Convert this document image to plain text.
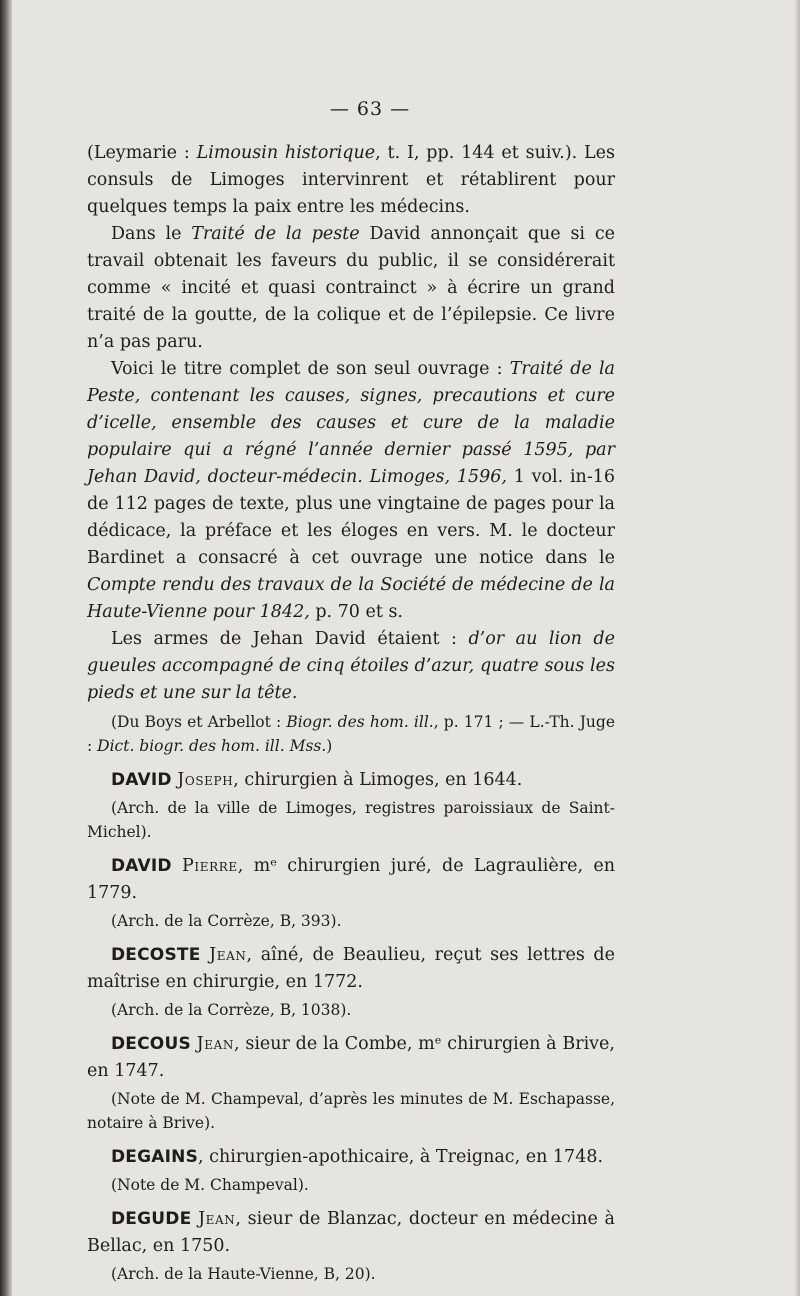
— 63 —

(Leymarie : Limousin historique, t. I, pp. 144 et suiv.). Les consuls de Limoges intervinrent et rétablirent pour quelques temps la paix entre les médecins.

Dans le Traité de la peste David annonçait que si ce travail obtenait les faveurs du public, il se considérerait comme « incité et quasi contrainct » à écrire un grand traité de la goutte, de la colique et de l’épilepsie. Ce livre n’a pas paru.

Voici le titre complet de son seul ouvrage : Traité de la Peste, contenant les causes, signes, precautions et cure d’icelle, ensemble des causes et cure de la maladie populaire qui a régné l’année dernier passé 1595, par Jehan David, docteur-médecin. Limoges, 1596, 1 vol. in-16 de 112 pages de texte, plus une vingtaine de pages pour la dédicace, la préface et les éloges en vers. M. le docteur Bardinet a consacré à cet ouvrage une notice dans le Compte rendu des travaux de la Société de médecine de la Haute-Vienne pour 1842, p. 70 et s.

Les armes de Jehan David étaient : d’or au lion de gueules accompagné de cinq étoiles d’azur, quatre sous les pieds et une sur la tête.

(Du Boys et Arbellot : Biogr. des hom. ill., p. 171 ; — L.-Th. Juge : Dict. biogr. des hom. ill. Mss.)

DAVID Joseph, chirurgien à Limoges, en 1644.

(Arch. de la ville de Limoges, registres paroissiaux de Saint-Michel).

DAVID Pierre, mᵉ chirurgien juré, de Lagraulière, en 1779.

(Arch. de la Corrèze, B, 393).

DECOSTE Jean, aîné, de Beaulieu, reçut ses lettres de maîtrise en chirurgie, en 1772.

(Arch. de la Corrèze, B, 1038).

DECOUS Jean, sieur de la Combe, mᵉ chirurgien à Brive, en 1747.

(Note de M. Champeval, d’après les minutes de M. Eschapasse, notaire à Brive).

DEGAINS, chirurgien-apothicaire, à Treignac, en 1748.

(Note de M. Champeval).

DEGUDE Jean, sieur de Blanzac, docteur en médecine à Bellac, en 1750.

(Arch. de la Haute-Vienne, B, 20).
